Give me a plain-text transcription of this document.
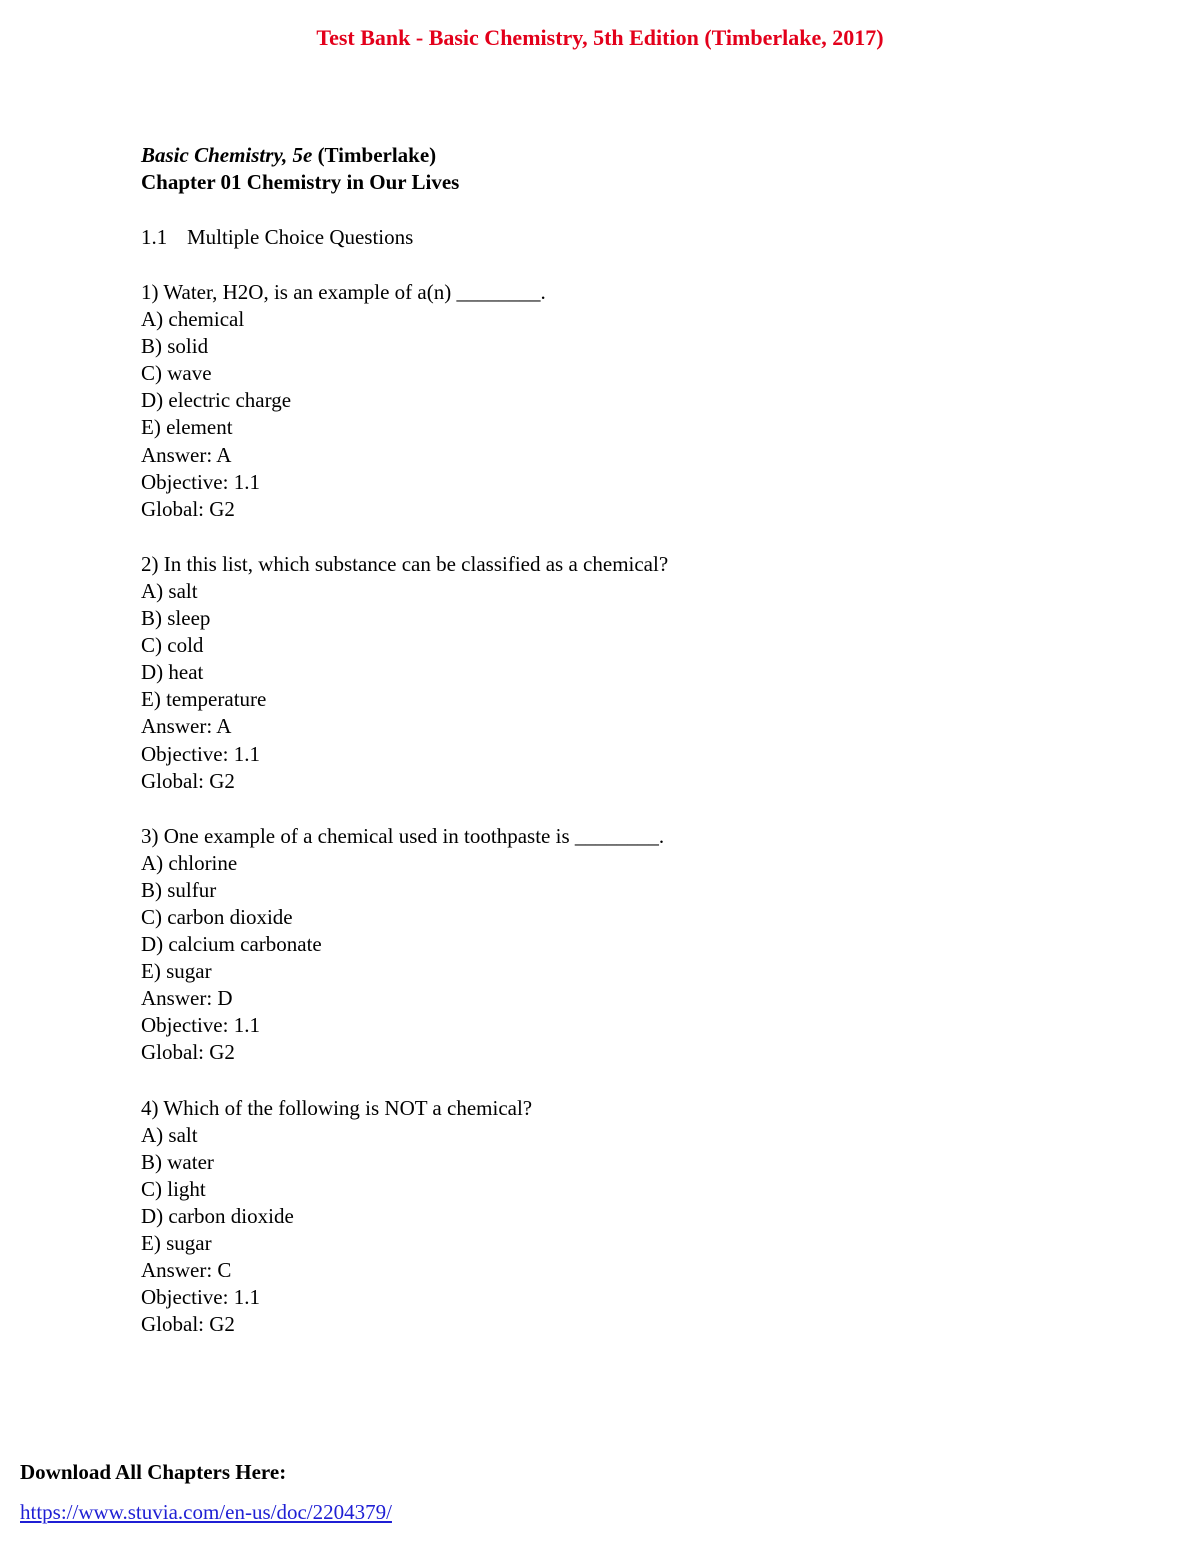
Test Bank - Basic Chemistry, 5th Edition (Timberlake, 2017)
Basic Chemistry, 5e (Timberlake)
Chapter 01 Chemistry in Our Lives
1.1 Multiple Choice Questions
1) Water, H2O, is an example of a(n) ________.
A) chemical
B) solid
C) wave
D) electric charge
E) element
Answer: A
Objective: 1.1
Global: G2
2) In this list, which substance can be classified as a chemical?
A) salt
B) sleep
C) cold
D) heat
E) temperature
Answer: A
Objective: 1.1
Global: G2
3) One example of a chemical used in toothpaste is ________.
A) chlorine
B) sulfur
C) carbon dioxide
D) calcium carbonate
E) sugar
Answer: D
Objective: 1.1
Global: G2
4) Which of the following is NOT a chemical?
A) salt
B) water
C) light
D) carbon dioxide
E) sugar
Answer: C
Objective: 1.1
Global: G2
Download All Chapters Here:
https://www.stuvia.com/en-us/doc/2204379/
